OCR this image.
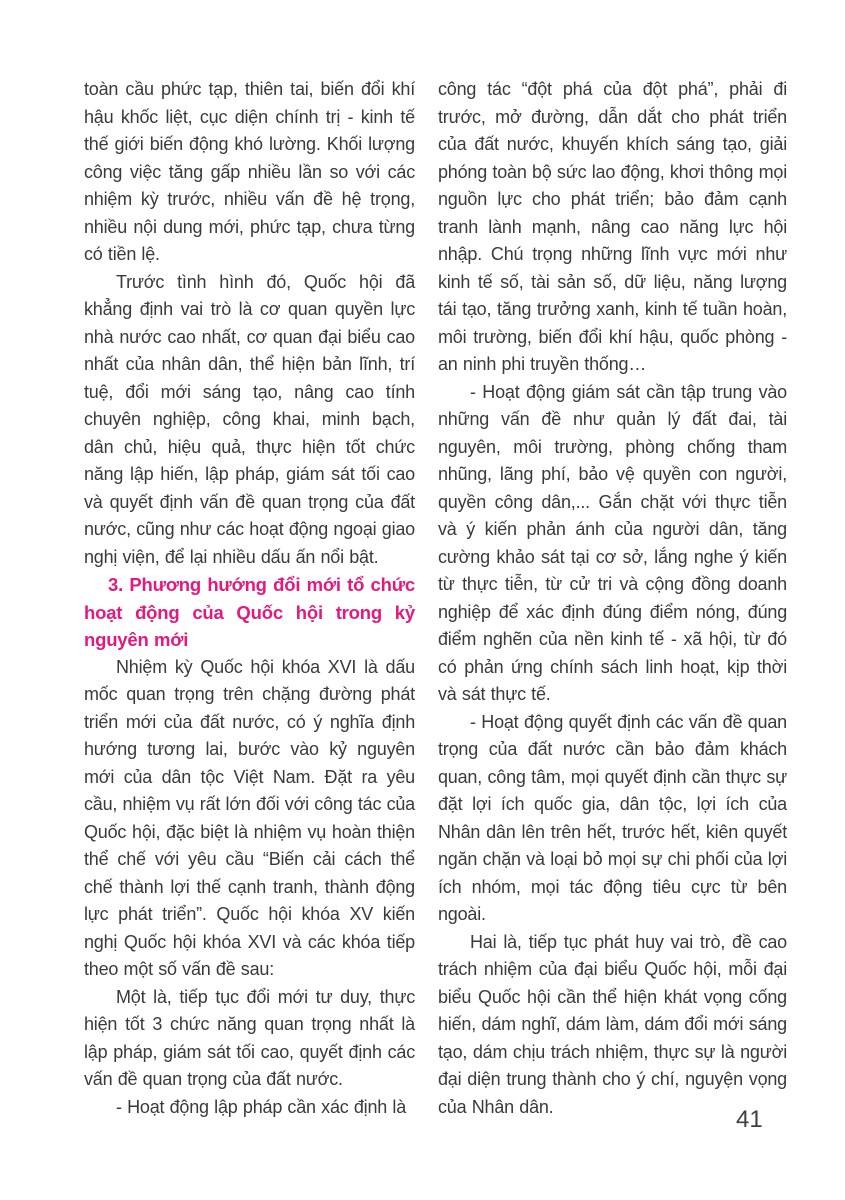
toàn cầu phức tạp, thiên tai, biến đổi khí hậu khốc liệt, cục diện chính trị - kinh tế thế giới biến động khó lường. Khối lượng công việc tăng gấp nhiều lần so với các nhiệm kỳ trước, nhiều vấn đề hệ trọng, nhiều nội dung mới, phức tạp, chưa từng có tiền lệ.

Trước tình hình đó, Quốc hội đã khẳng định vai trò là cơ quan quyền lực nhà nước cao nhất, cơ quan đại biểu cao nhất của nhân dân, thể hiện bản lĩnh, trí tuệ, đổi mới sáng tạo, nâng cao tính chuyên nghiệp, công khai, minh bạch, dân chủ, hiệu quả, thực hiện tốt chức năng lập hiến, lập pháp, giám sát tối cao và quyết định vấn đề quan trọng của đất nước, cũng như các hoạt động ngoại giao nghị viện, để lại nhiều dấu ấn nổi bật.

3. Phương hướng đổi mới tổ chức hoạt động của Quốc hội trong kỷ nguyên mới

Nhiệm kỳ Quốc hội khóa XVI là dấu mốc quan trọng trên chặng đường phát triển mới của đất nước, có ý nghĩa định hướng tương lai, bước vào kỷ nguyên mới của dân tộc Việt Nam. Đặt ra yêu cầu, nhiệm vụ rất lớn đối với công tác của Quốc hội, đặc biệt là nhiệm vụ hoàn thiện thể chế với yêu cầu “Biến cải cách thể chế thành lợi thế cạnh tranh, thành động lực phát triển”. Quốc hội khóa XV kiến nghị Quốc hội khóa XVI và các khóa tiếp theo một số vấn đề sau:

Một là, tiếp tục đổi mới tư duy, thực hiện tốt 3 chức năng quan trọng nhất là lập pháp, giám sát tối cao, quyết định các vấn đề quan trọng của đất nước.

- Hoạt động lập pháp cần xác định là

công tác “đột phá của đột phá”, phải đi trước, mở đường, dẫn dắt cho phát triển của đất nước, khuyến khích sáng tạo, giải phóng toàn bộ sức lao động, khơi thông mọi nguồn lực cho phát triển; bảo đảm cạnh tranh lành mạnh, nâng cao năng lực hội nhập. Chú trọng những lĩnh vực mới như kinh tế số, tài sản số, dữ liệu, năng lượng tái tạo, tăng trưởng xanh, kinh tế tuần hoàn, môi trường, biến đổi khí hậu, quốc phòng - an ninh phi truyền thống…

- Hoạt động giám sát cần tập trung vào những vấn đề như quản lý đất đai, tài nguyên, môi trường, phòng chống tham nhũng, lãng phí, bảo vệ quyền con người, quyền công dân,... Gắn chặt với thực tiễn và ý kiến phản ánh của người dân, tăng cường khảo sát tại cơ sở, lắng nghe ý kiến từ thực tiễn, từ cử tri và cộng đồng doanh nghiệp để xác định đúng điểm nóng, đúng điểm nghẽn của nền kinh tế - xã hội, từ đó có phản ứng chính sách linh hoạt, kịp thời và sát thực tế.

- Hoạt động quyết định các vấn đề quan trọng của đất nước cần bảo đảm khách quan, công tâm, mọi quyết định cần thực sự đặt lợi ích quốc gia, dân tộc, lợi ích của Nhân dân lên trên hết, trước hết, kiên quyết ngăn chặn và loại bỏ mọi sự chi phối của lợi ích nhóm, mọi tác động tiêu cực từ bên ngoài.

Hai là, tiếp tục phát huy vai trò, đề cao trách nhiệm của đại biểu Quốc hội, mỗi đại biểu Quốc hội cần thể hiện khát vọng cống hiến, dám nghĩ, dám làm, dám đổi mới sáng tạo, dám chịu trách nhiệm, thực sự là người đại diện trung thành cho ý chí, nguyện vọng của Nhân dân.	41
